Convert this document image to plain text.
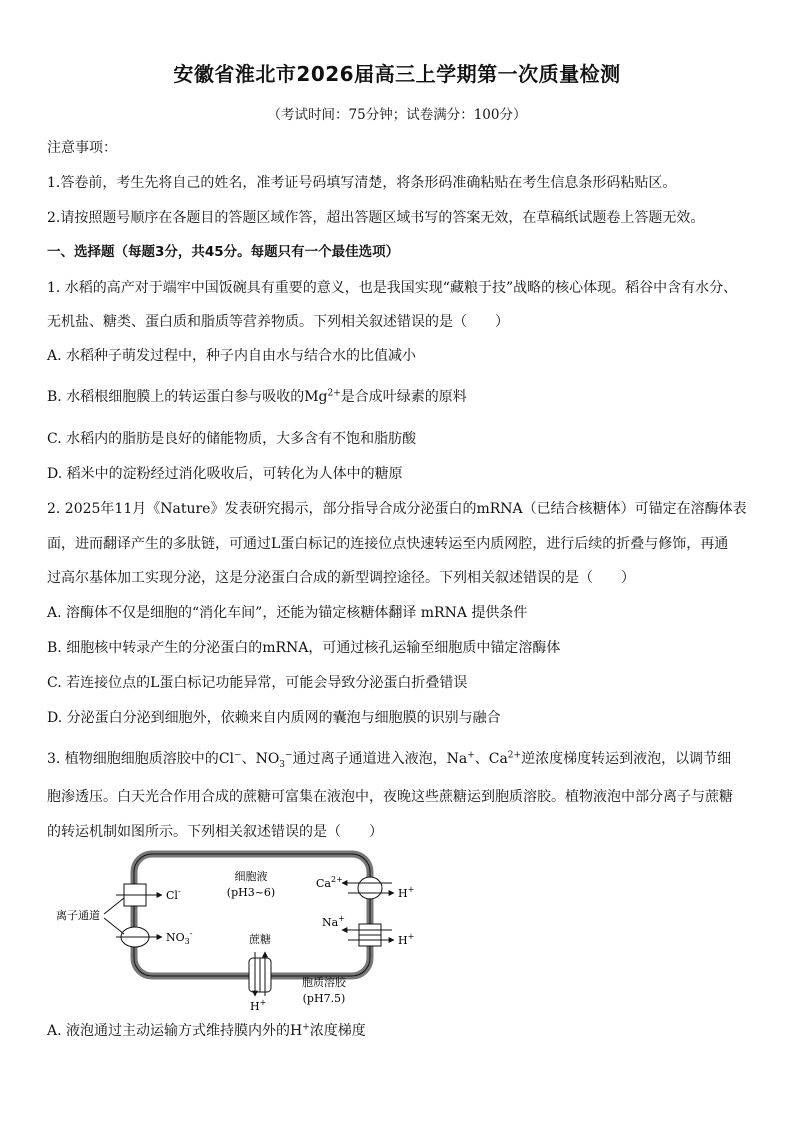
安徽省淮北市2026届高三上学期第一次质量检测
（考试时间：75分钟；试卷满分：100分）
注意事项：
1.答卷前，考生先将自己的姓名，准考证号码填写清楚，将条形码准确粘贴在考生信息条形码粘贴区。
2.请按照题号顺序在各题目的答题区域作答，超出答题区域书写的答案无效，在草稿纸试题卷上答题无效。
一、选择题（每题3分，共45分。每题只有一个最佳选项）
1. 水稻的高产对于端牢中国饭碗具有重要的意义，也是我国实现“藏粮于技”战略的核心体现。稻谷中含有水分、
无机盐、糖类、蛋白质和脂质等营养物质。下列相关叙述错误的是（　　）
A. 水稻种子萌发过程中，种子内自由水与结合水的比值减小
B. 水稻根细胞膜上的转运蛋白参与吸收的$Mg^{2+}$是合成叶绿素的原料
C. 水稻内的脂肪是良好的储能物质，大多含有不饱和脂肪酸
D. 稻米中的淀粉经过消化吸收后，可转化为人体中的糖原
2. 2025年11月《Nature》发表研究揭示，部分指导合成分泌蛋白的mRNA（已结合核糖体）可锚定在溶酶体表
面，进而翻译产生的多肽链，可通过L蛋白标记的连接位点快速转运至内质网腔，进行后续的折叠与修饰，再通
过高尔基体加工实现分泌，这是分泌蛋白合成的新型调控途径。下列相关叙述错误的是（　　）
A. 溶酶体不仅是细胞的“消化车间”，还能为锚定核糖体翻译 mRNA 提供条件
B. 细胞核中转录产生的分泌蛋白的mRNA，可通过核孔运输至细胞质中锚定溶酶体
C. 若连接位点的L蛋白标记功能异常，可能会导致分泌蛋白折叠错误
D. 分泌蛋白分泌到细胞外，依赖来自内质网的囊泡与细胞膜的识别与融合
3. 植物细胞细胞质溶胶中的Cl−、$NO_3^-$通过离子通道进入液泡，Na+、$Ca^{2+}$逆浓度梯度转运到液泡，以调节细
胞渗透压。白天光合作用合成的蔗糖可富集在液泡中，夜晚这些蔗糖运到胞质溶胶。植物液泡中部分离子与蔗糖
的转运机制如图所示。下列相关叙述错误的是（　　）
细胞液
(pH3~6)
Cl-
$NO_3^-$
离子通道
$Ca^{2+}$
H+
Na+
H+
蔗糖
H+
胞质溶胶
(pH7.5)
A. 液泡通过主动运输方式维持膜内外的H+浓度梯度
